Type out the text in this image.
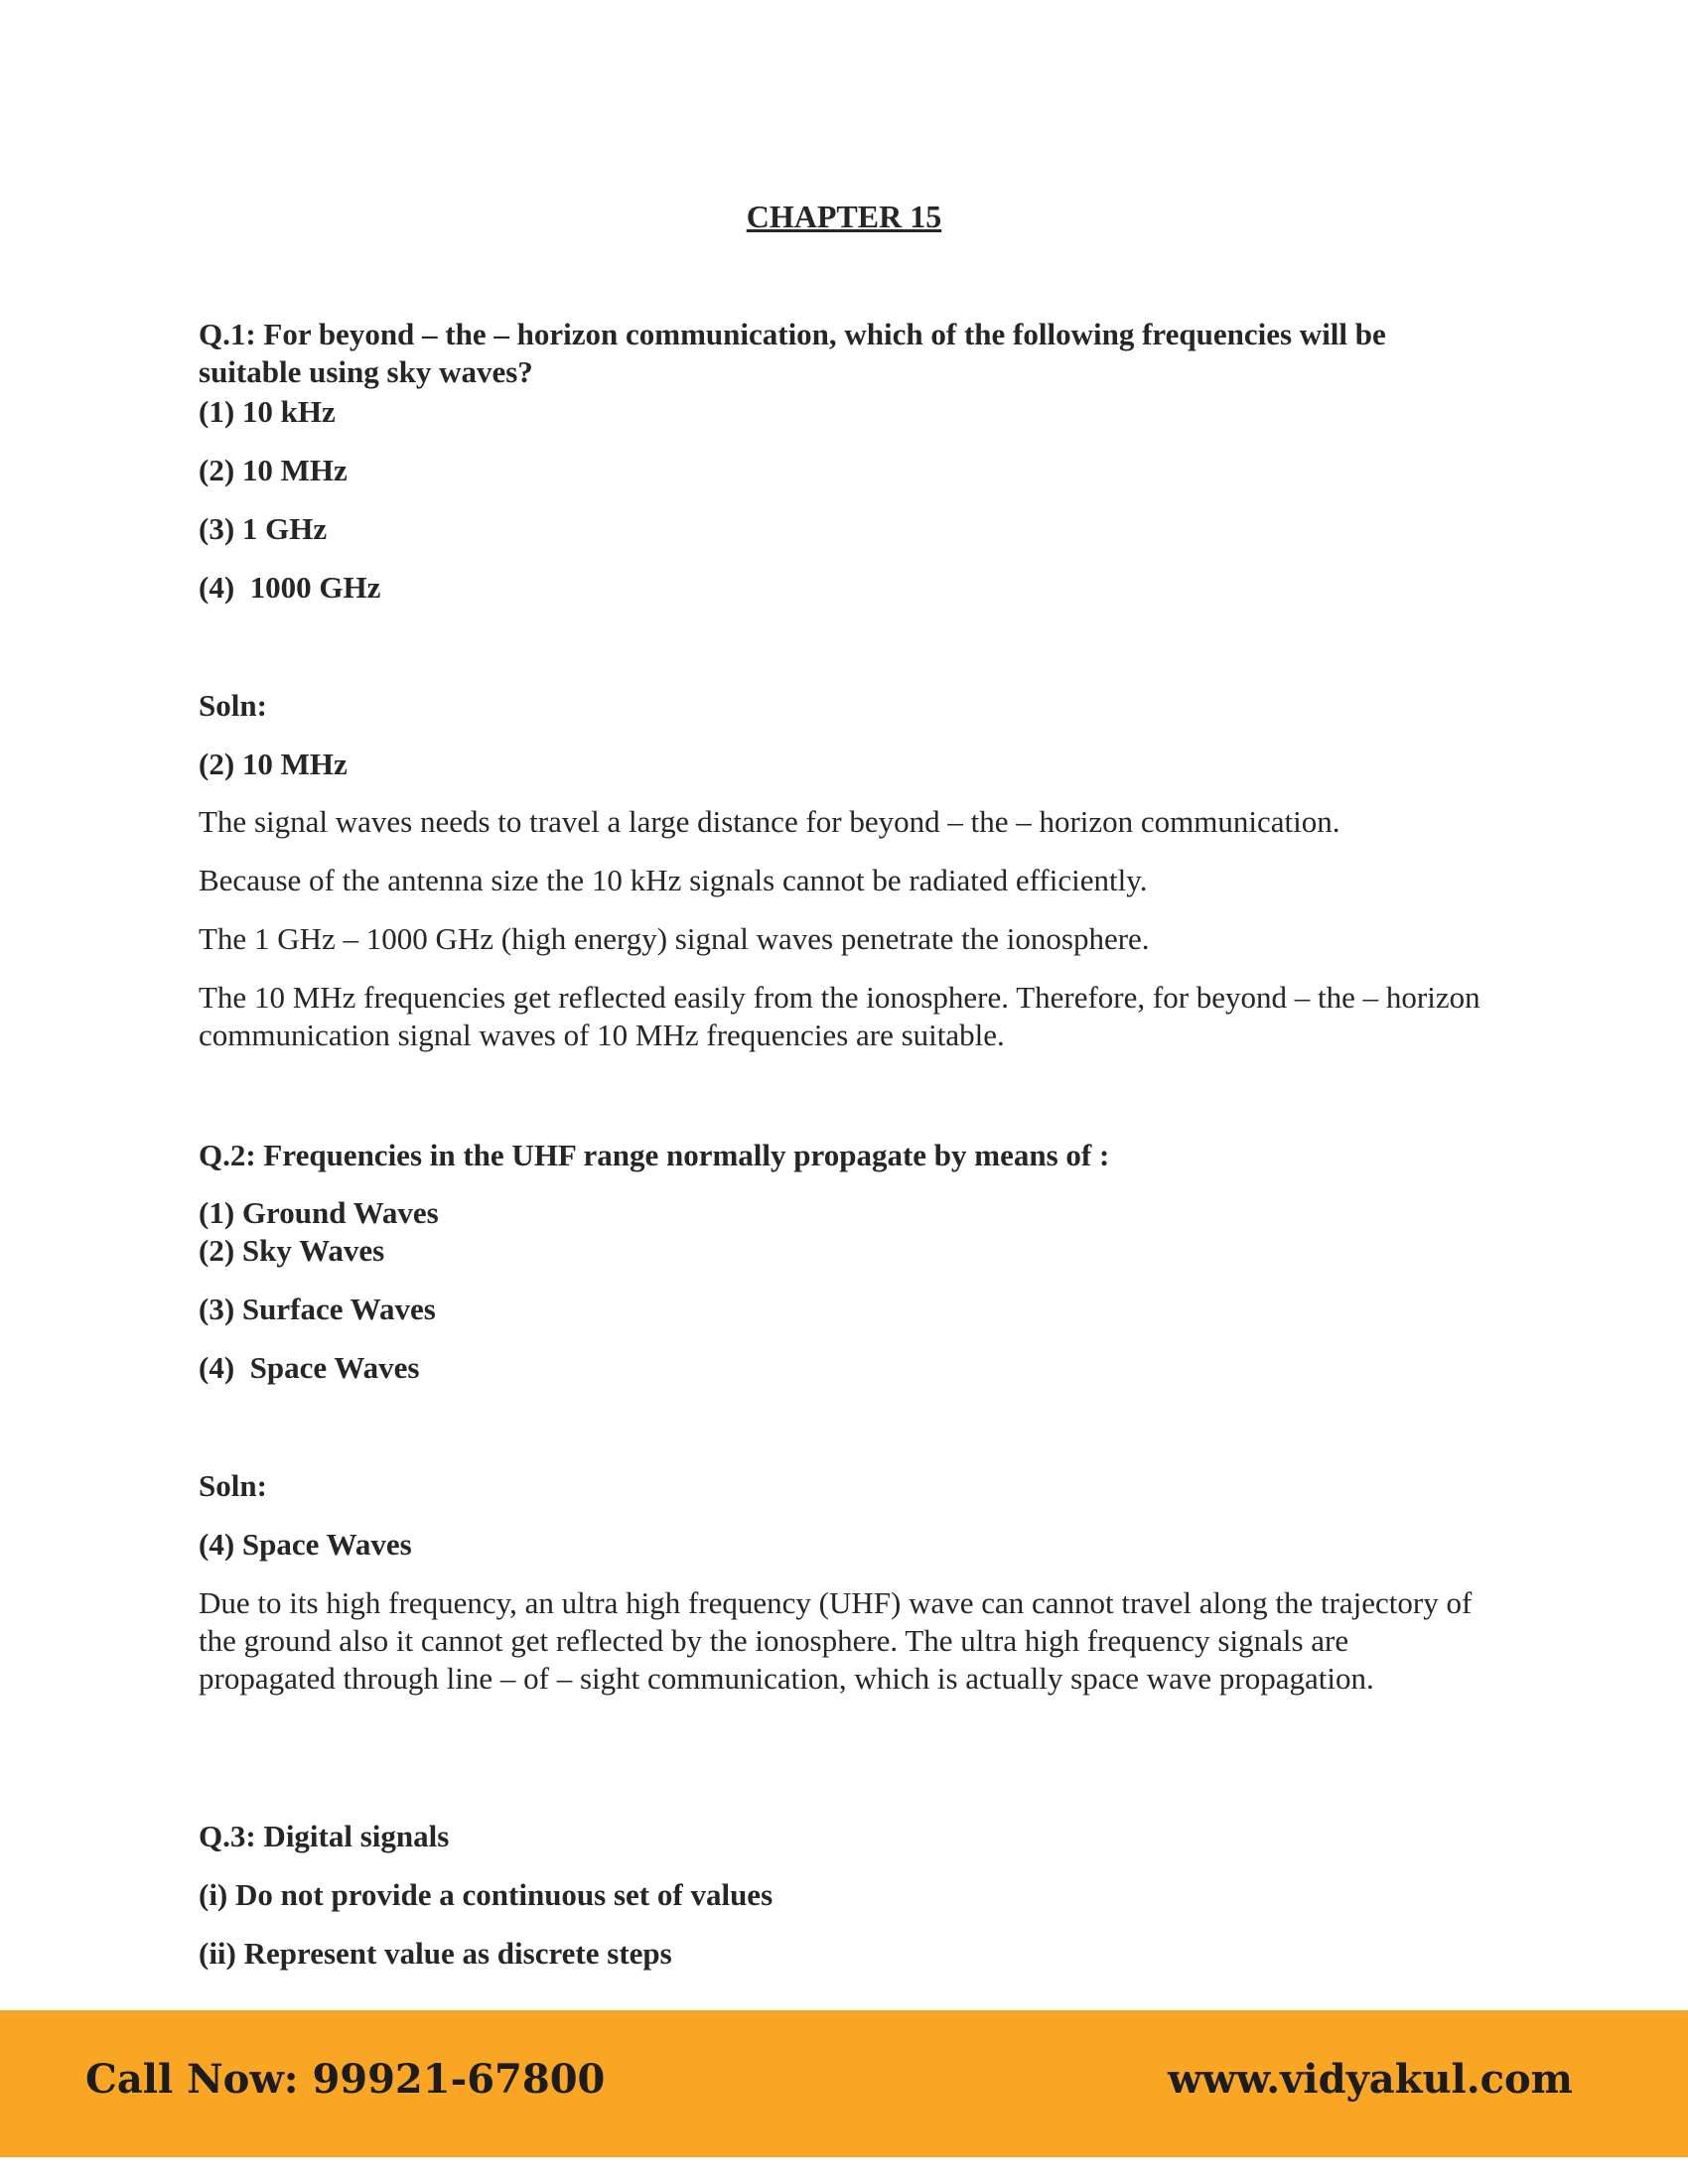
CHAPTER 15

Q.1: For beyond – the – horizon communication, which of the following frequencies will be suitable using sky waves?

(1) 10 kHz

(2) 10 MHz

(3) 1 GHz

(4)  1000 GHz

Soln:

(2) 10 MHz

The signal waves needs to travel a large distance for beyond – the – horizon communication.

Because of the antenna size the 10 kHz signals cannot be radiated efficiently.

The 1 GHz – 1000 GHz (high energy) signal waves penetrate the ionosphere.

The 10 MHz frequencies get reflected easily from the ionosphere. Therefore, for beyond – the – horizon communication signal waves of 10 MHz frequencies are suitable.

Q.2: Frequencies in the UHF range normally propagate by means of :

(1) Ground Waves

(2) Sky Waves

(3) Surface Waves

(4)  Space Waves

Soln:

(4) Space Waves

Due to its high frequency, an ultra high frequency (UHF) wave can cannot travel along the trajectory of the ground also it cannot get reflected by the ionosphere. The ultra high frequency signals are propagated through line – of – sight communication, which is actually space wave propagation.

Q.3: Digital signals

(i) Do not provide a continuous set of values

(ii) Represent value as discrete steps

Call Now: 99921-67800	www.vidyakul.com
